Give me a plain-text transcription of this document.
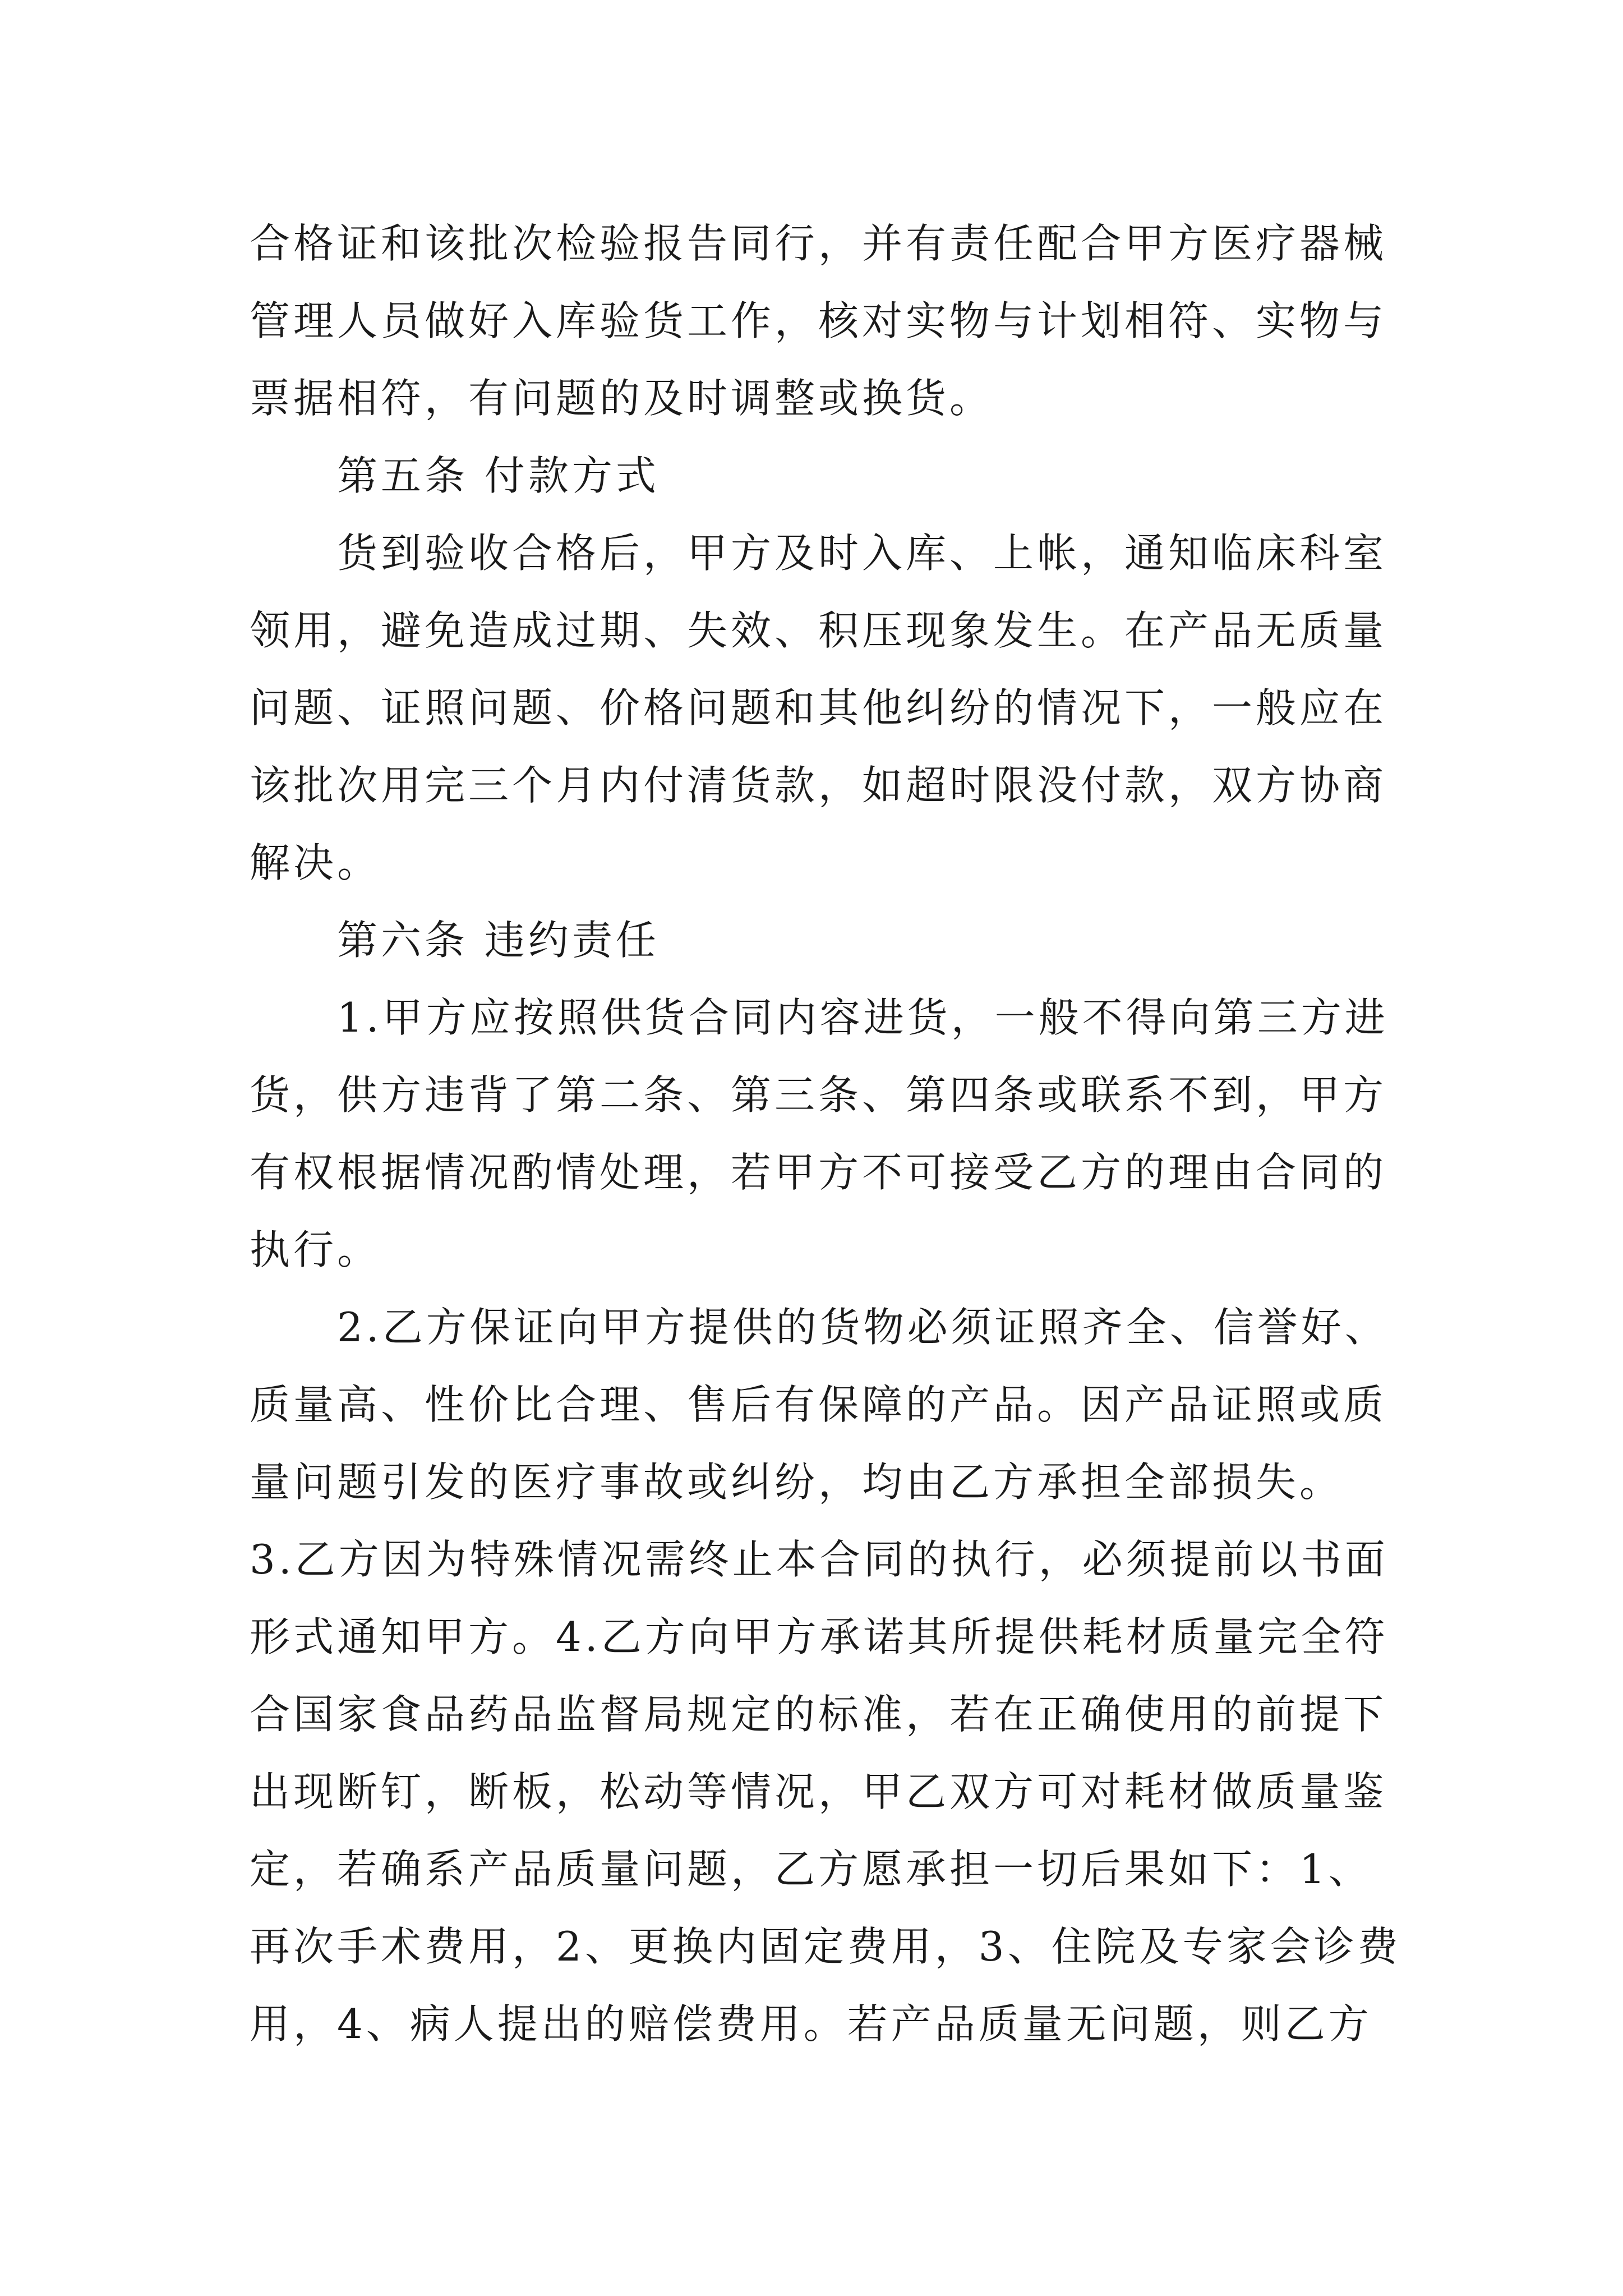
合格证和该批次检验报告同行，并有责任配合甲方医疗器械

管理人员做好入库验货工作，核对实物与计划相符、实物与

票据相符，有问题的及时调整或换货。

　　第五条 付款方式

　　货到验收合格后，甲方及时入库、上帐，通知临床科室

领用，避免造成过期、失效、积压现象发生。在产品无质量

问题、证照问题、价格问题和其他纠纷的情况下，一般应在

该批次用完三个月内付清货款，如超时限没付款，双方协商

解决。

　　第六条 违约责任

　　1.甲方应按照供货合同内容进货，一般不得向第三方进

货，供方违背了第二条、第三条、第四条或联系不到，甲方

有权根据情况酌情处理，若甲方不可接受乙方的理由合同的

执行。

　　2.乙方保证向甲方提供的货物必须证照齐全、信誉好、

质量高、性价比合理、售后有保障的产品。因产品证照或质

量问题引发的医疗事故或纠纷，均由乙方承担全部损失。

3.乙方因为特殊情况需终止本合同的执行，必须提前以书面

形式通知甲方。4.乙方向甲方承诺其所提供耗材质量完全符

合国家食品药品监督局规定的标准，若在正确使用的前提下

出现断钉，断板，松动等情况，甲乙双方可对耗材做质量鉴

定，若确系产品质量问题，乙方愿承担一切后果如下：1、

再次手术费用，2、更换内固定费用，3、住院及专家会诊费

用，4、病人提出的赔偿费用。若产品质量无问题，则乙方
